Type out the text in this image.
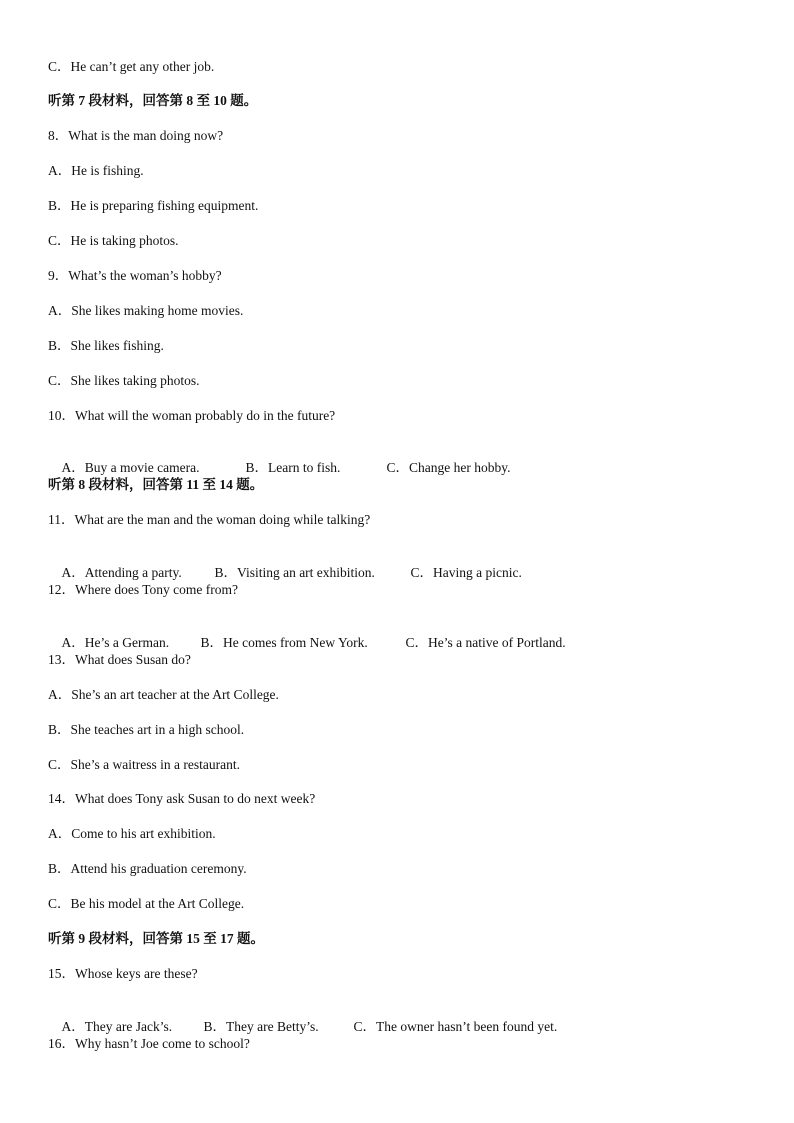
C．He can’t get any other job.
听第 7 段材料，回答第 8 至 10 题。
8．What is the man doing now?
A．He is fishing.
B．He is preparing fishing equipment.
C．He is taking photos.
9．What’s the woman’s hobby?
A．She likes making home movies.
B．She likes fishing.
C．She likes taking photos.
10．What will the woman probably do in the future?

A．Buy a movie camera.	B．Learn to fish.	C．Change her hobby.

听第 8 段材料，回答第 11 至 14 题。
11．What are the man and the woman doing while talking?

A．Attending a party. B．Visiting an art exhibition.	C．Having a picnic.

12．Where does Tony come from?

A．He’s a German. B．He comes from New York.	C．He’s a native of Portland.

13．What does Susan do?
A．She’s an art teacher at the Art College.
B．She teaches art in a high school.
C．She’s a waitress in a restaurant.
14．What does Tony ask Susan to do next week?
A．Come to his art exhibition.
B．Attend his graduation ceremony.
C．Be his model at the Art College.
听第 9 段材料，回答第 15 至 17 题。
15．Whose keys are these?

A．They are Jack’s. B．They are Betty’s.	C．The owner hasn’t been found yet.

16．Why hasn’t Joe come to school?
